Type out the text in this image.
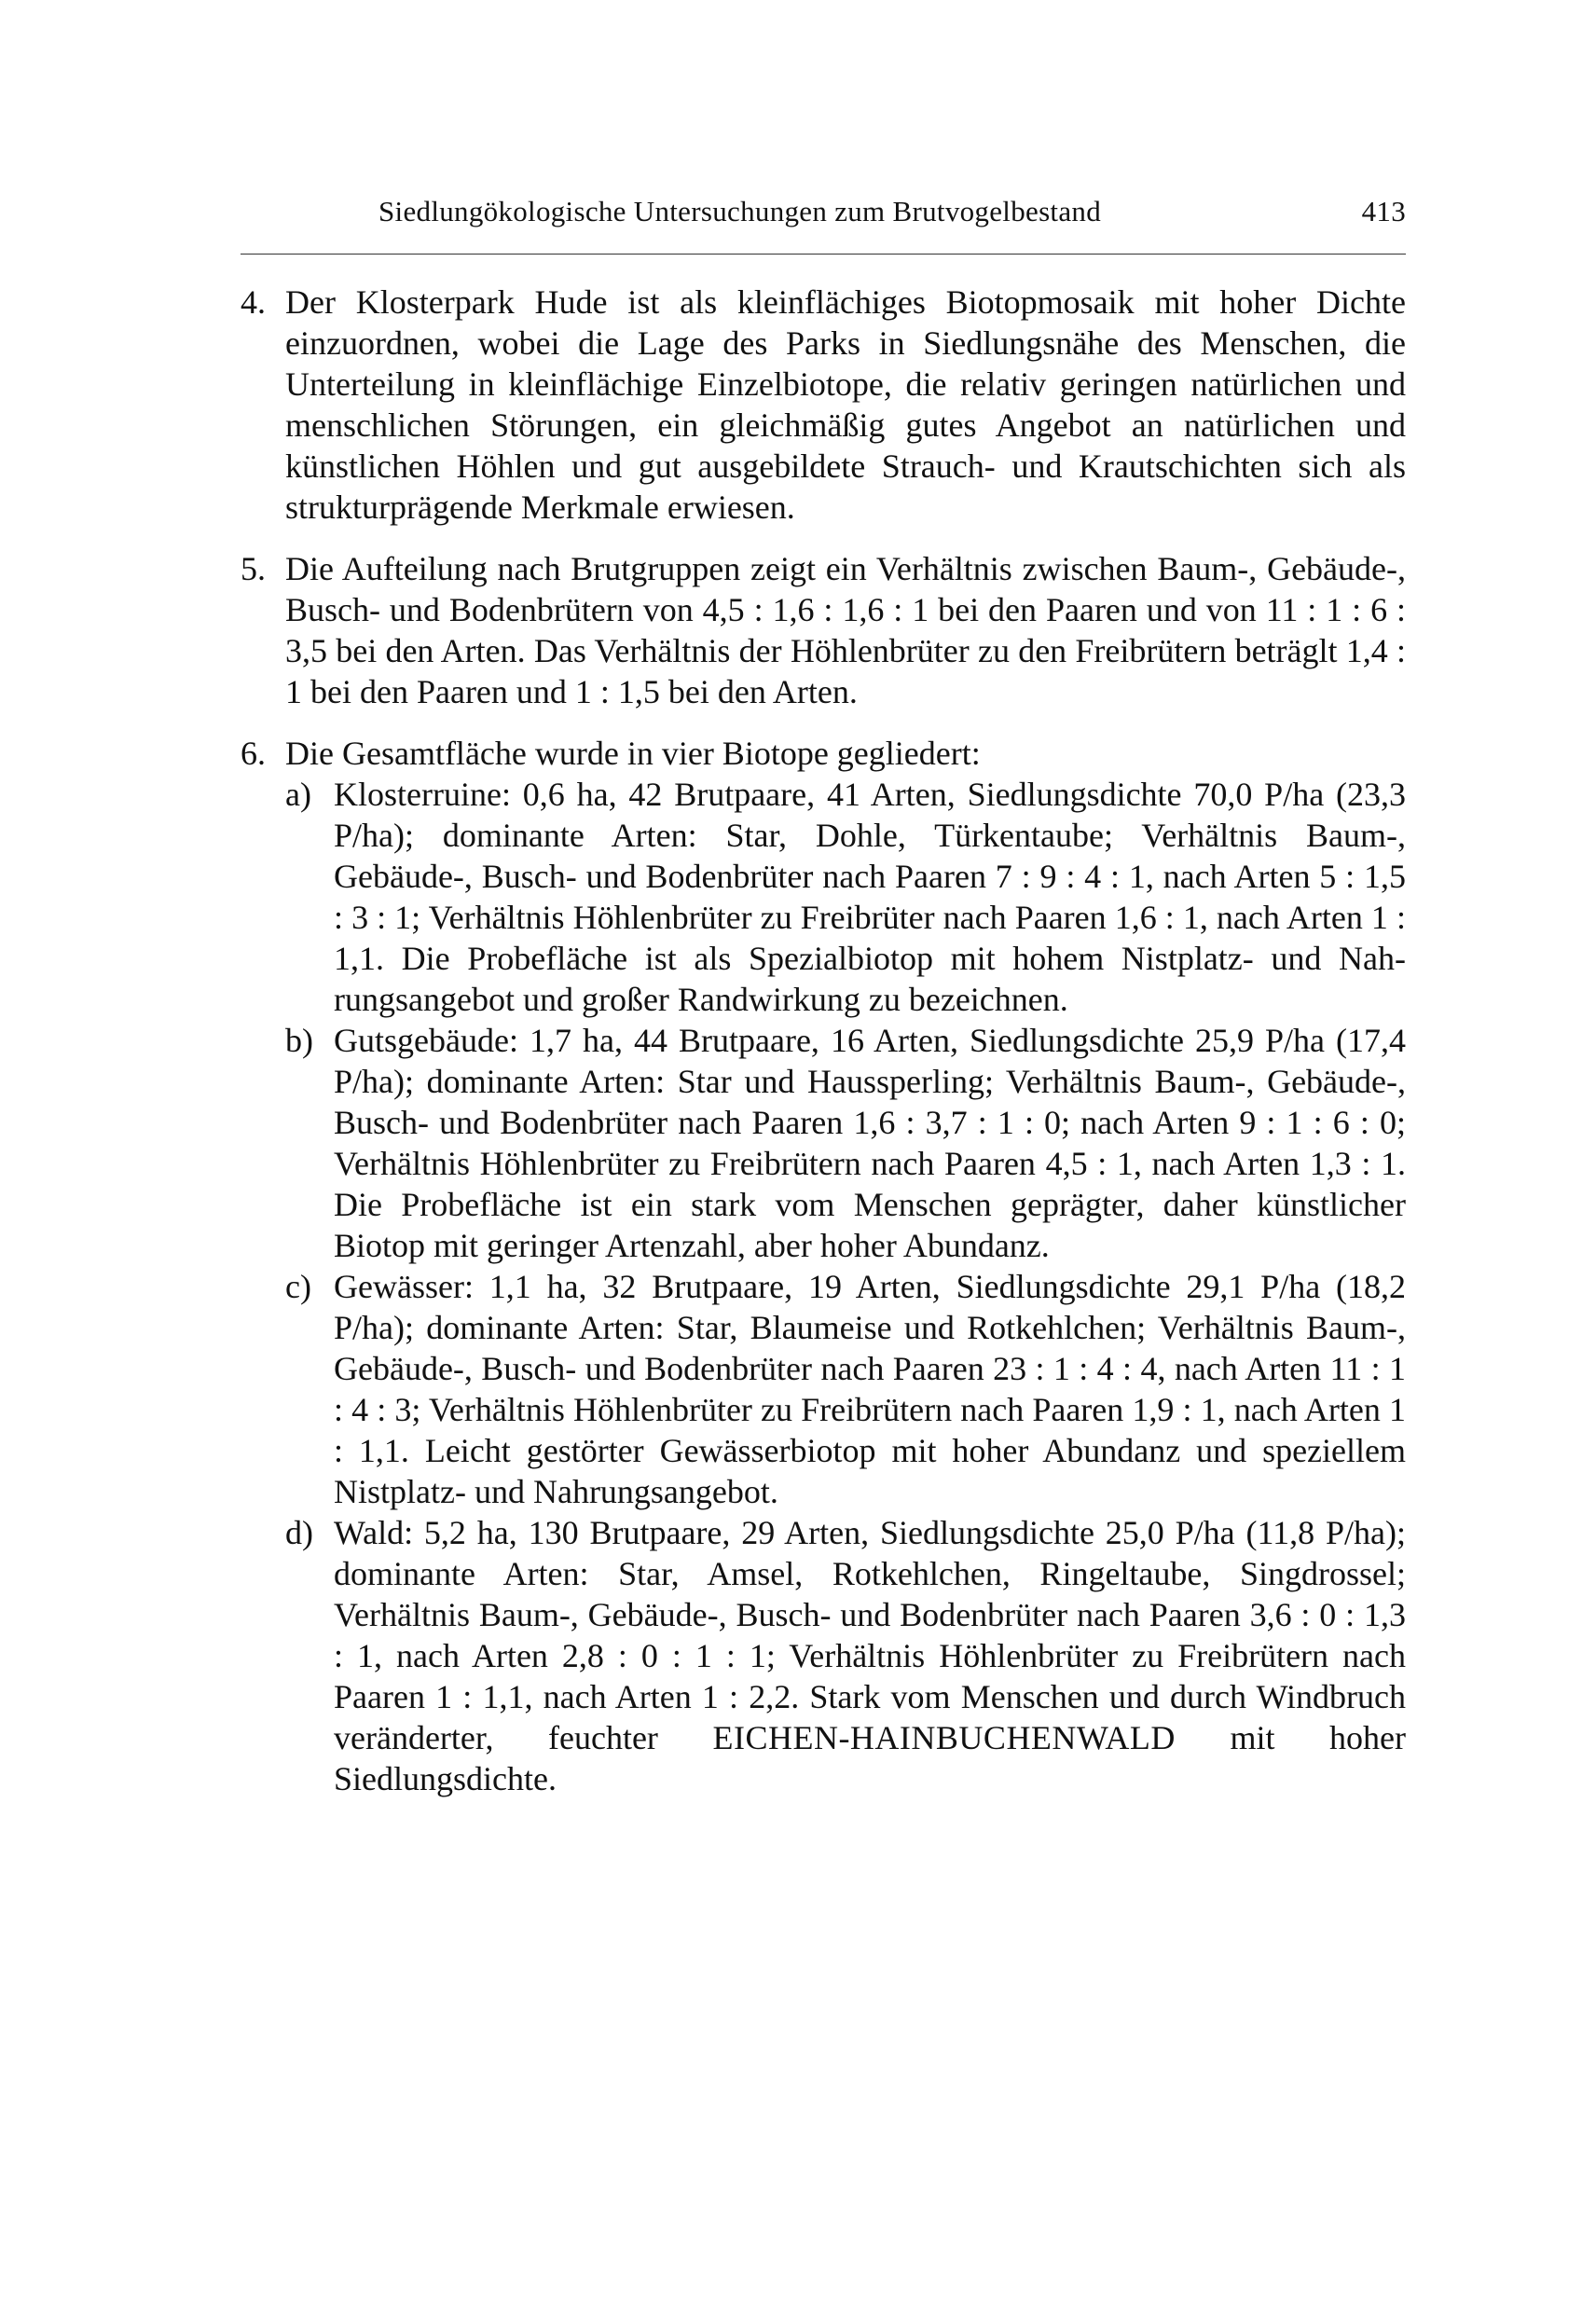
Siedlungökologische Untersuchungen zum Brutvogelbestand	413
4. Der Klosterpark Hude ist als kleinflächiges Biotopmosaik mit hoher Dichte einzuordnen, wobei die Lage des Parks in Siedlungsnähe des Menschen, die Unterteilung in kleinflächige Einzelbiotope, die relativ geringen natürlichen und menschlichen Störungen, ein gleichmäßig gutes Angebot an natürlichen und künstlichen Höhlen und gut ausgebildete Strauch- und Krautschichten sich als strukturprägende Merkmale erwiesen.
5. Die Aufteilung nach Brutgruppen zeigt ein Verhältnis zwischen Baum-, Gebäude-, Busch- und Bodenbrütern von 4,5 : 1,6 : 1,6 : 1 bei den Paaren und von 11 : 1 : 6 : 3,5 bei den Arten. Das Verhältnis der Höhlenbrüter zu den Freibrütern beträglt 1,4 : 1 bei den Paaren und 1 : 1,5 bei den Arten.
6. Die Gesamtfläche wurde in vier Biotope gegliedert:
a) Klosterruine: 0,6 ha, 42 Brutpaare, 41 Arten, Siedlungsdichte 70,0 P/ha (23,3 P/ha); dominante Arten: Star, Dohle, Türkentaube; Verhältnis Baum-, Gebäude-, Busch- und Bodenbrüter nach Paaren 7 : 9 : 4 : 1, nach Arten 5 : 1,5 : 3 : 1; Verhältnis Höhlenbrüter zu Freibrüter nach Paaren 1,6 : 1, nach Arten 1 : 1,1. Die Probefläche ist als Spezialbiotop mit hohem Nistplatz- und Nahrungsangebot und großer Randwirkung zu bezeichnen.
b) Gutsgebäude: 1,7 ha, 44 Brutpaare, 16 Arten, Siedlungsdichte 25,9 P/ha (17,4 P/ha); dominante Arten: Star und Haussperling; Verhältnis Baum-, Gebäude-, Busch- und Bodenbrüter nach Paaren 1,6 : 3,7 : 1 : 0; nach Arten 9 : 1 : 6 : 0; Verhältnis Höhlenbrüter zu Freibrütern nach Paaren 4,5 : 1, nach Arten 1,3 : 1. Die Probefläche ist ein stark vom Menschen geprägter, daher künstlicher Biotop mit geringer Artenzahl, aber hoher Abundanz.
c) Gewässer: 1,1 ha, 32 Brutpaare, 19 Arten, Siedlungsdichte 29,1 P/ha (18,2 P/ha); dominante Arten: Star, Blaumeise und Rotkehlchen; Verhältnis Baum-, Gebäude-, Busch- und Bodenbrüter nach Paaren 23 : 1 : 4 : 4, nach Arten 11 : 1 : 4 : 3; Verhältnis Höhlenbrüter zu Freibrütern nach Paaren 1,9 : 1, nach Arten 1 : 1,1. Leicht gestörter Gewässerbiotop mit hoher Abundanz und speziellem Nistplatz- und Nahrungsangebot.
d) Wald: 5,2 ha, 130 Brutpaare, 29 Arten, Siedlungsdichte 25,0 P/ha (11,8 P/ha); dominante Arten: Star, Amsel, Rotkehlchen, Ringeltaube, Singdrossel; Verhältnis Baum-, Gebäude-, Busch- und Bodenbrüter nach Paaren 3,6 : 0 : 1,3 : 1, nach Arten 2,8 : 0 : 1 : 1; Verhältnis Höhlenbrüter zu Freibrütern nach Paaren 1 : 1,1, nach Arten 1 : 2,2. Stark vom Menschen und durch Windbruch veränderter, feuchter EICHEN-HAINBUCHENWALD mit hoher Siedlungsdichte.
